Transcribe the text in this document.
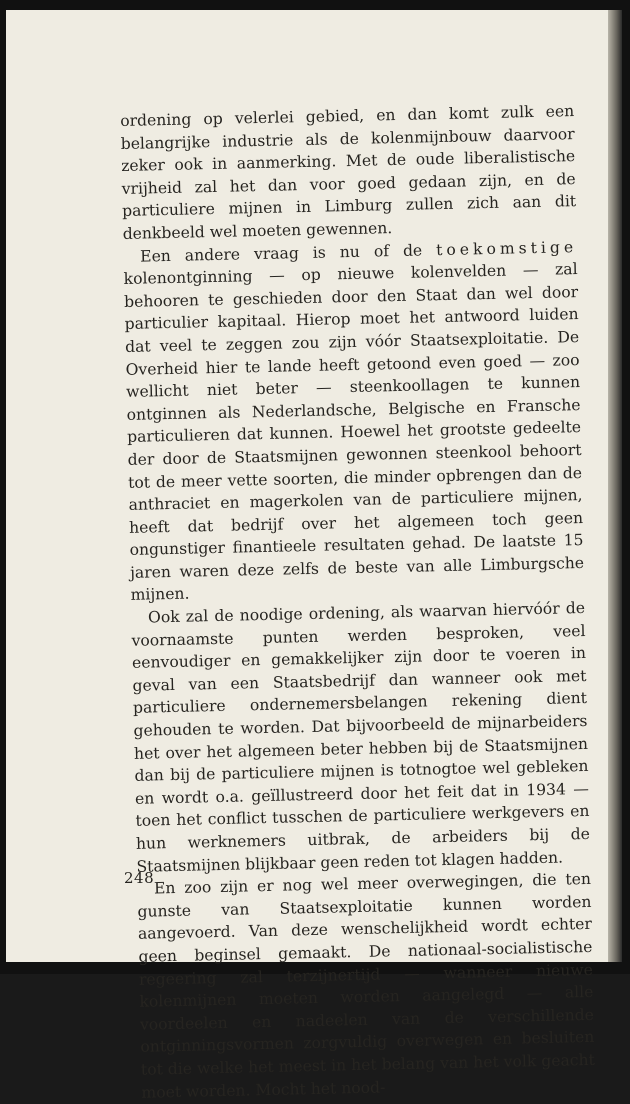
ordening op velerlei gebied, en dan komt zulk een belangrijke industrie als de kolenmijnbouw daarvoor zeker ook in aanmerking. Met de oude liberalistische vrijheid zal het dan voor goed gedaan zijn, en de particuliere mijnen in Limburg zullen zich aan dit denkbeeld wel moeten gewennen.

Een andere vraag is nu of de toekomstige kolenontginning — op nieuwe kolenvelden — zal behooren te geschieden door den Staat dan wel door particulier kapitaal. Hierop moet het antwoord luiden dat veel te zeggen zou zijn vóór Staatsexploitatie. De Overheid hier te lande heeft getoond even goed — zoo wellicht niet beter — steenkoollagen te kunnen ontginnen als Nederlandsche, Belgische en Fransche particulieren dat kunnen. Hoewel het grootste gedeelte der door de Staatsmijnen gewonnen steenkool behoort tot de meer vette soorten, die minder opbrengen dan de anthraciet en magerkolen van de particuliere mijnen, heeft dat bedrijf over het algemeen toch geen ongunstiger finantieele resultaten gehad. De laatste 15 jaren waren deze zelfs de beste van alle Limburgsche mijnen.

Ook zal de noodige ordening, als waarvan hiervóór de voornaamste punten werden besproken, veel eenvoudiger en gemakkelijker zijn door te voeren in geval van een Staatsbedrijf dan wanneer ook met particuliere ondernemersbelangen rekening dient gehouden te worden. Dat bijvoorbeeld de mijnarbeiders het over het algemeen beter hebben bij de Staatsmijnen dan bij de particuliere mijnen is totnogtoe wel gebleken en wordt o.a. geïllustreerd door het feit dat in 1934 — toen het conflict tusschen de particuliere werkgevers en hun werknemers uitbrak, de arbeiders bij de Staatsmijnen blijkbaar geen reden tot klagen hadden.

En zoo zijn er nog wel meer overwegingen, die ten gunste van Staatsexploitatie kunnen worden aangevoerd. Van deze wenschelijkheid wordt echter geen beginsel gemaakt. De nationaal-socialistische regeering zal terzijnertijd — wanneer nieuwe kolenmijnen moeten worden aangelegd — alle voordeelen en nadeelen van de verschillende ontginningsvormen zorgvuldig overwegen en besluiten tot die welke het meest in het belang van het volk geacht moet worden. Mocht het nood-

248
